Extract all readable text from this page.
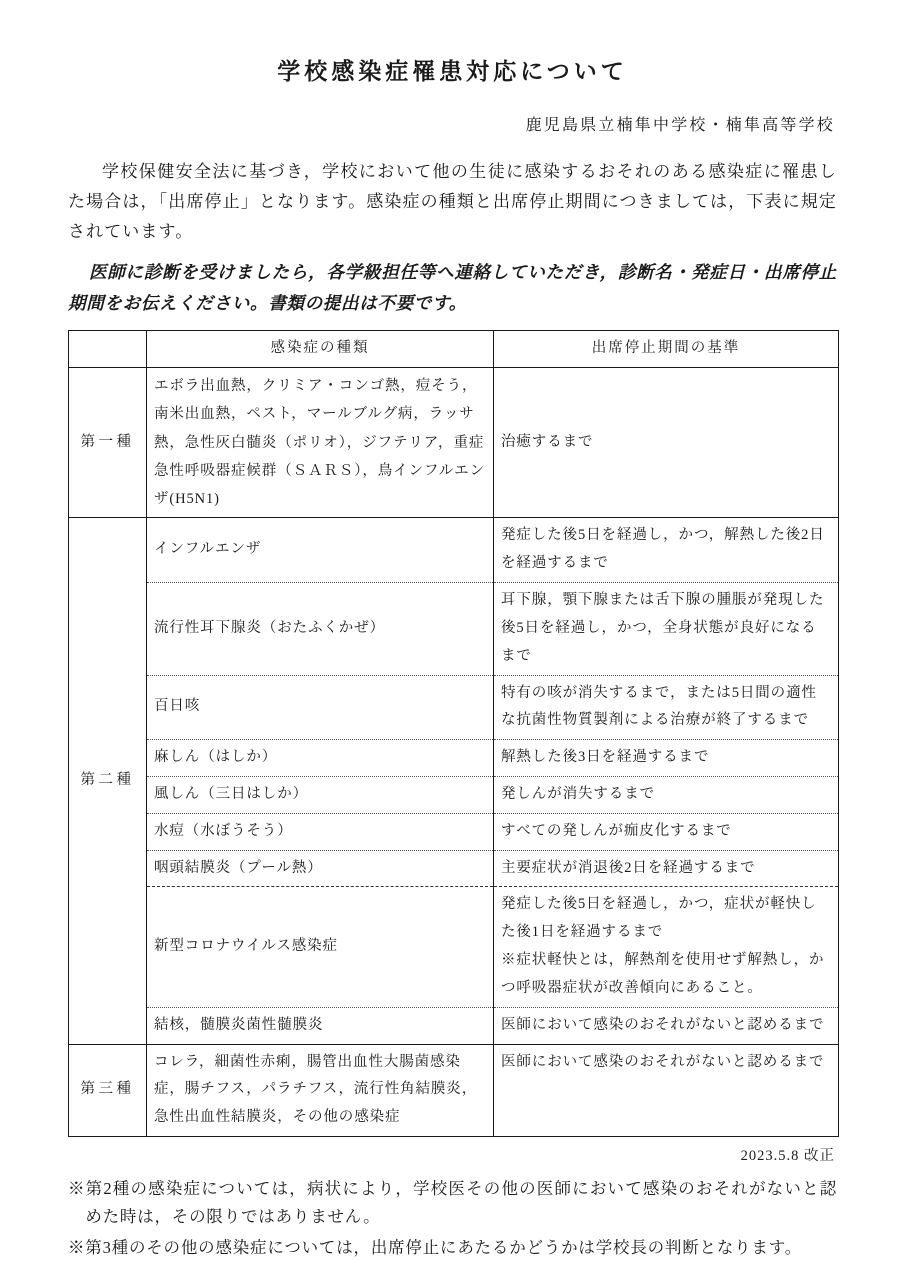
学校感染症罹患対応について
鹿児島県立楠隼中学校・楠隼高等学校

学校保健安全法に基づき，学校において他の生徒に感染するおそれのある感染症に罹患した場合は，「出席停止」となります。感染症の種類と出席停止期間につきましては，下表に規定されています。

医師に診断を受けましたら，各学級担任等へ連絡していただき，診断名・発症日・出席停止期間をお伝えください。書類の提出は不要です。

	感染症の種類	出席停止期間の基準
第一種	エボラ出血熱，クリミア・コンゴ熱，痘そう，南米出血熱，ペスト，マールブルグ病，ラッサ熱，急性灰白髄炎（ポリオ），ジフテリア，重症急性呼吸器症候群（ＳＡＲＳ），鳥インフルエンザ(H5N1)	治癒するまで
第二種	インフルエンザ	発症した後5日を経過し，かつ，解熱した後2日を経過するまで
	流行性耳下腺炎（おたふくかぜ）	耳下腺，顎下腺または舌下腺の腫脹が発現した後5日を経過し，かつ，全身状態が良好になるまで
	百日咳	特有の咳が消失するまで，または5日間の適性な抗菌性物質製剤による治療が終了するまで
	麻しん（はしか）	解熱した後3日を経過するまで
	風しん（三日はしか）	発しんが消失するまで
	水痘（水ぼうそう）	すべての発しんが痂皮化するまで
	咽頭結膜炎（プール熱）	主要症状が消退後2日を経過するまで
	新型コロナウイルス感染症	発症した後5日を経過し，かつ，症状が軽快した後1日を経過するまで
※症状軽快とは，解熱剤を使用せず解熱し，かつ呼吸器症状が改善傾向にあること。

	結核，髄膜炎菌性髄膜炎	医師において感染のおそれがないと認めるまで
第三種	コレラ，細菌性赤痢，腸管出血性大腸菌感染症，腸チフス，パラチフス，流行性角結膜炎，急性出血性結膜炎，その他の感染症	医師において感染のおそれがないと認めるまで
2023.5.8 改正

※第2種の感染症については，病状により，学校医その他の医師において感染のおそれがないと認めた時は，その限りではありません。

※第3種のその他の感染症については，出席停止にあたるかどうかは学校長の判断となります。
